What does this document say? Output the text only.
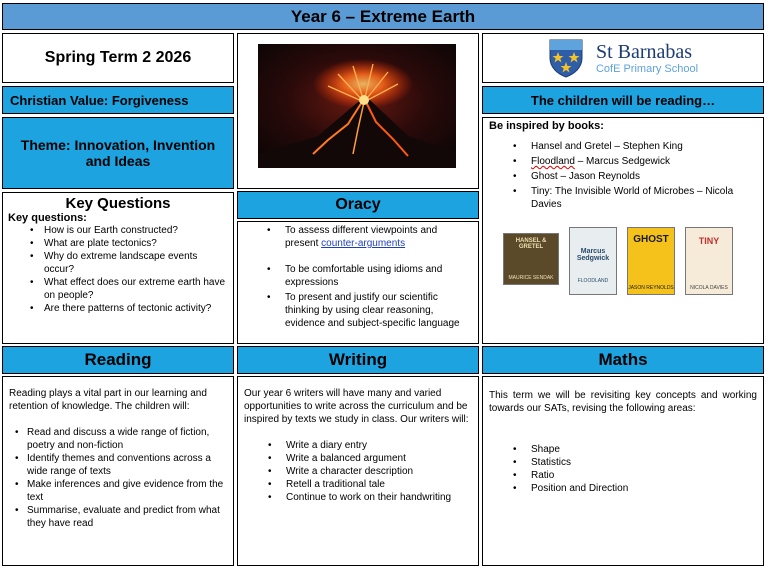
Year 6 – Extreme Earth
Spring Term 2 2026
Christian Value: Forgiveness
Theme: Innovation, Invention and Ideas
Key Questions
Key questions:
• How is our Earth constructed?
• What are plate tectonics?
• Why do extreme landscape events occur?
• What effect does our extreme earth have on people?
• Are there patterns of tectonic activity?
Oracy
• To assess different viewpoints and present counter-arguments
• To be comfortable using idioms and expressions
• To present and justify our scientific thinking by using clear reasoning, evidence and subject-specific language
St Barnabas
CofE Primary School
The children will be reading…
Be inspired by books:
• Hansel and Gretel – Stephen King
• Floodland – Marcus Sedgewick
• Ghost – Jason Reynolds
• Tiny: The Invisible World of Microbes – Nicola Davies
HANSEL & GRETEL
MAURICE SENDAK
Marcus Sedgwick
FLOODLAND
GHOST
JASON REYNOLDS
TINY
NICOLA DAVIES
Reading	Writing	Maths

Reading plays a vital part in our learning and retention of knowledge. The children will:

• Read and discuss a wide range of fiction, poetry and non-fiction
• Identify themes and conventions across a wide range of texts
• Make inferences and give evidence from the text
• Summarise, evaluate and predict from what they have read

Our year 6 writers will have many and varied opportunities to write across the curriculum and be inspired by texts we study in class. Our writers will:

• Write a diary entry
• Write a balanced argument
• Write a character description
• Retell a traditional tale
• Continue to work on their handwriting

This term we will be revisiting key concepts and working towards our SATs, revising the following areas:

• Shape
• Statistics
• Ratio
• Position and Direction
